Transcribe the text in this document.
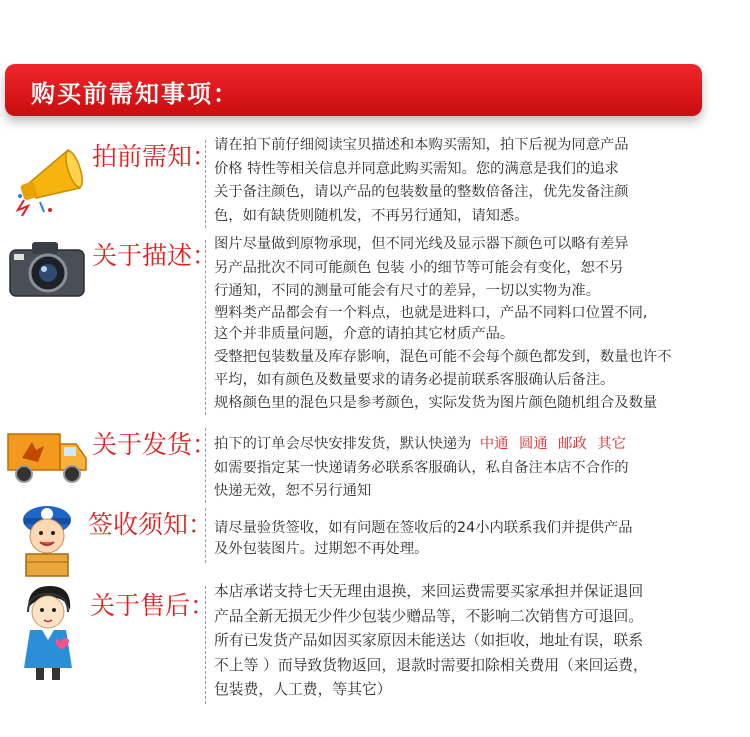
购买前需知事项：
拍前需知：
请在拍下前仔细阅读宝贝描述和本购买需知，拍下后视为同意产品
价格 特性等相关信息并同意此购买需知。您的满意是我们的追求
关于备注颜色，请以产品的包装数量的整数倍备注，优先发备注颜
色，如有缺货则随机发，不再另行通知，请知悉。
关于描述：
图片尽量做到原物承现，但不同光线及显示器下颜色可以略有差异
另产品批次不同可能颜色 包装 小的细节等可能会有变化，恕不另
行通知，不同的测量可能会有尺寸的差异，一切以实物为准。
塑料类产品都会有一个料点，也就是进料口，产品不同料口位置不同,
这个并非质量问题，介意的请拍其它材质产品。
受整把包装数量及库存影响，混色可能不会每个颜色都发到，数量也许不
平均，如有颜色及数量要求的请务必提前联系客服确认后备注。
规格颜色里的混色只是参考颜色，实际发货为图片颜色随机组合及数量
关于发货：
拍下的订单会尽快安排发货，默认快递为 中通 圆通 邮政 其它
如需要指定某一快递请务必联系客服确认，私自备注本店不合作的
快递无效，恕不另行通知
签收须知： 请尽量验货签收，如有问题在签收后的24小内联系我们并提供产品
及外包装图片。过期恕不再处理。
关于售后：
本店承诺支持七天无理由退换，来回运费需要买家承担并保证退回
产品全新无损无少件少包装少赠品等，不影响二次销售方可退回。
所有已发货产品如因买家原因未能送达（如拒收，地址有误，联系
不上等 ）而导致货物返回，退款时需要扣除相关费用（来回运费，
包装费，人工费，等其它）
